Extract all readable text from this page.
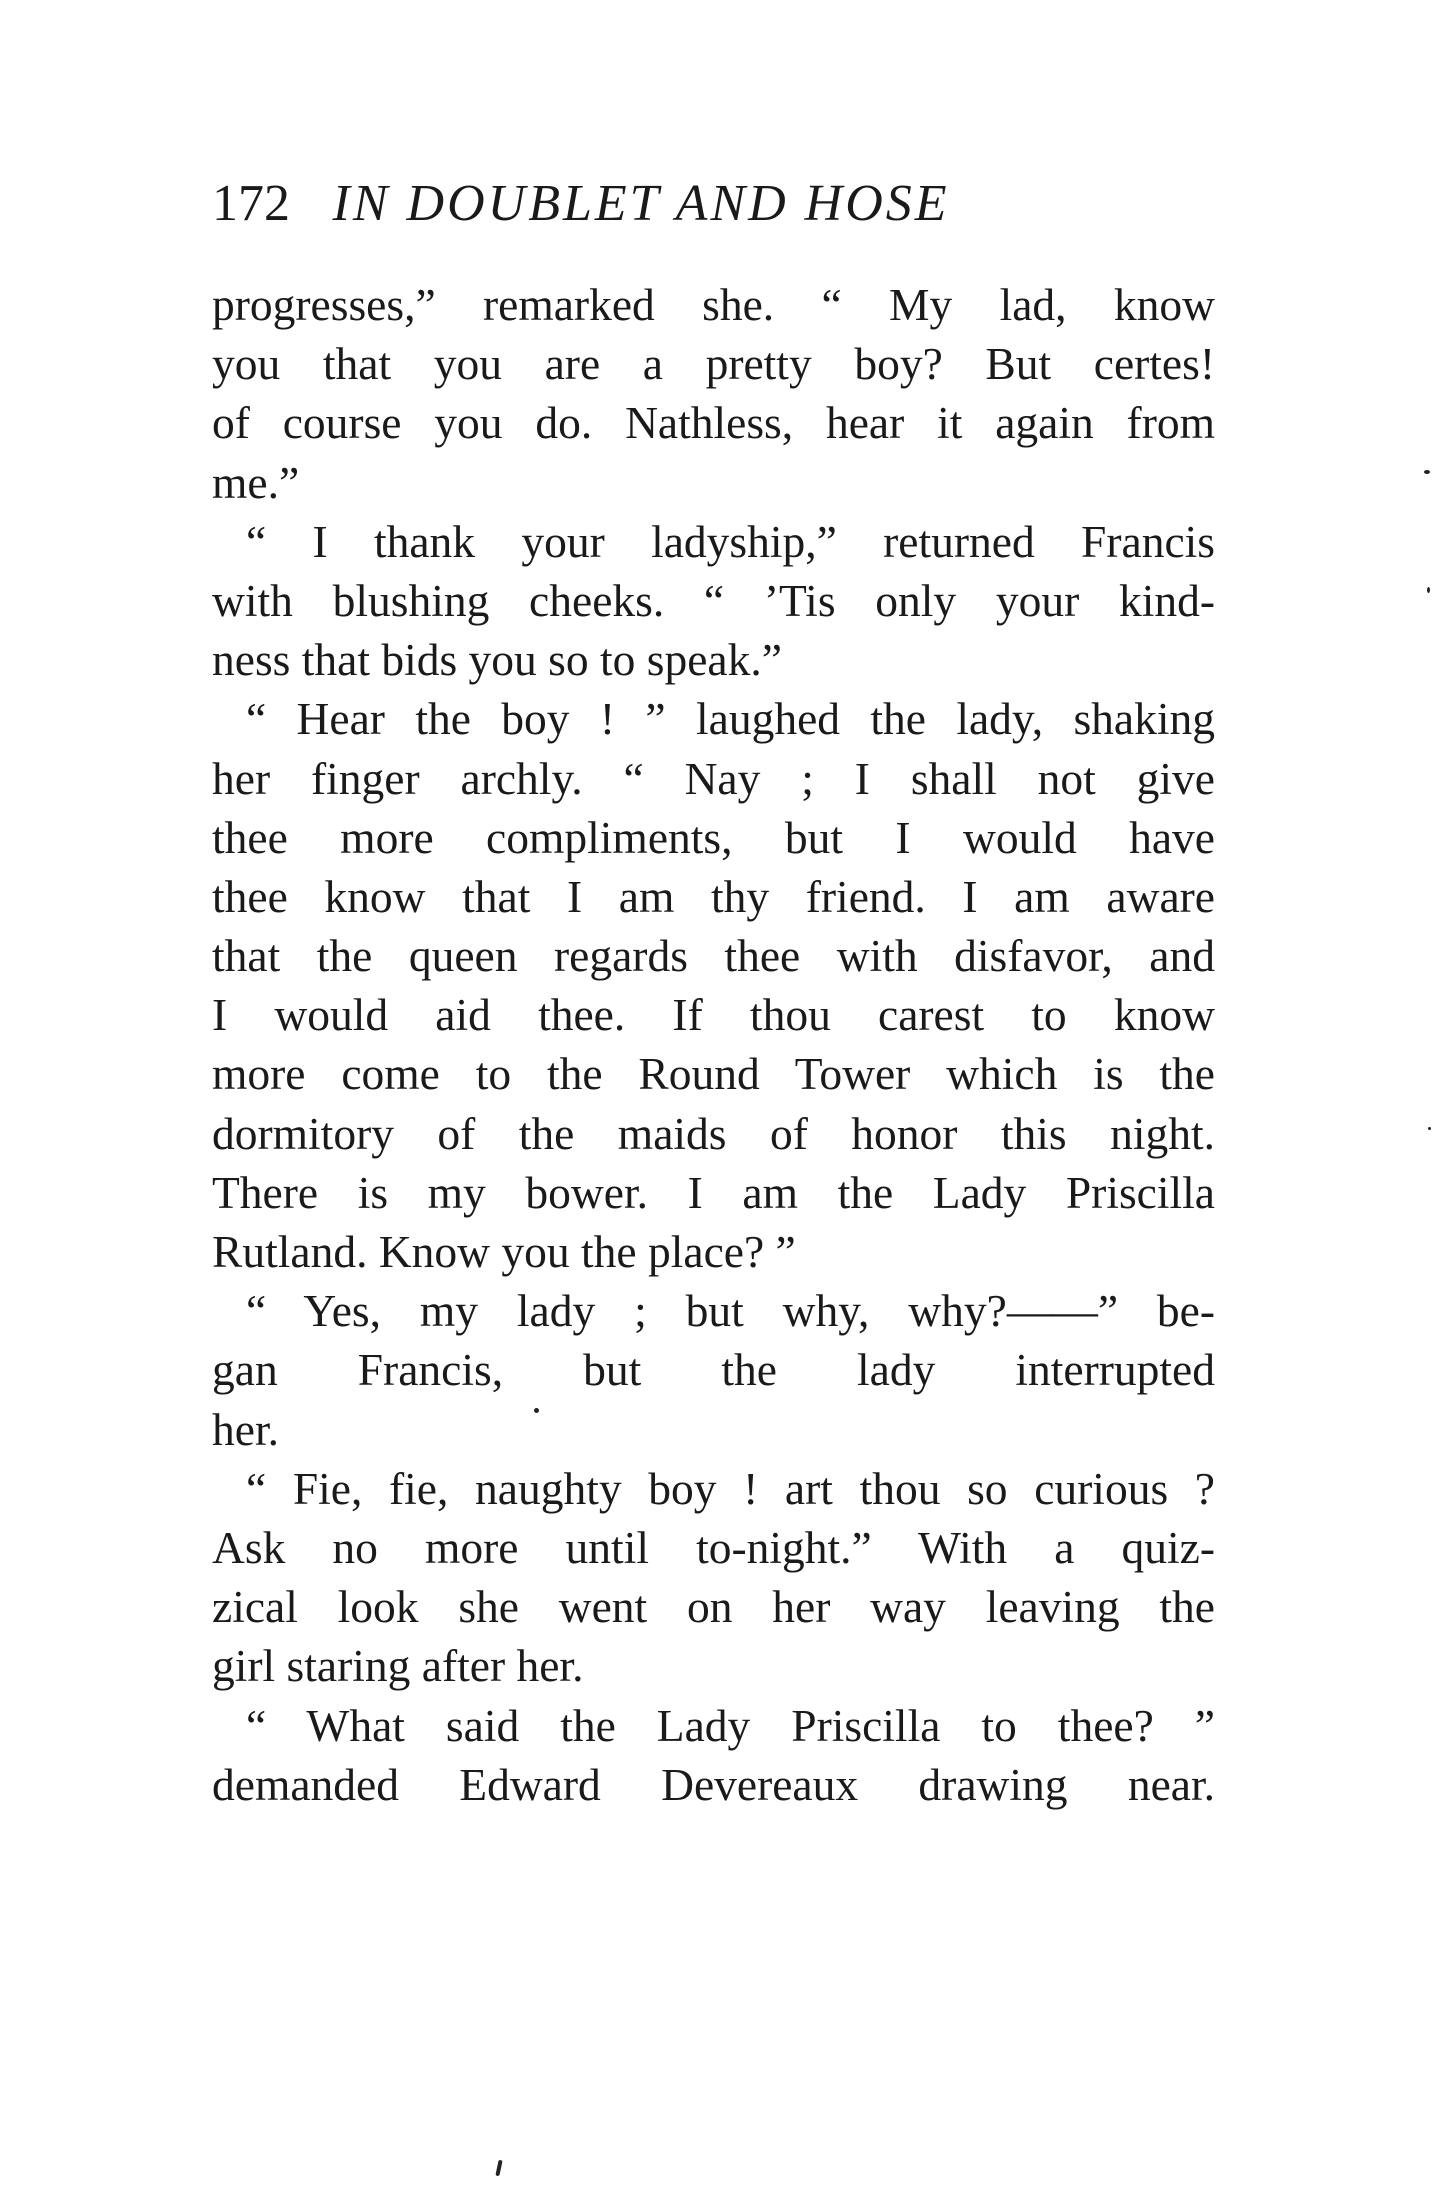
172 IN DOUBLET AND HOSE
progresses,” remarked she. “ My lad, know
you that you are a pretty boy? But certes!
of course you do. Nathless, hear it again from
me.”
“ I thank your ladyship,” returned Francis
with blushing cheeks. “ ’Tis only your kind-
ness that bids you so to speak.”
“ Hear the boy ! ” laughed the lady, shaking
her finger archly. “ Nay ; I shall not give
thee more compliments, but I would have
thee know that I am thy friend. I am aware
that the queen regards thee with disfavor, and
I would aid thee. If thou carest to know
more come to the Round Tower which is the
dormitory of the maids of honor this night.
There is my bower. I am the Lady Priscilla
Rutland. Know you the place? ”
“ Yes, my lady ; but why, why?——” be-
gan Francis, but the lady interrupted
her.
“ Fie, fie, naughty boy ! art thou so curious ?
Ask no more until to-night.” With a quiz-
zical look she went on her way leaving the
girl staring after her.
“ What said the Lady Priscilla to thee? ”
demanded Edward Devereaux drawing near.
